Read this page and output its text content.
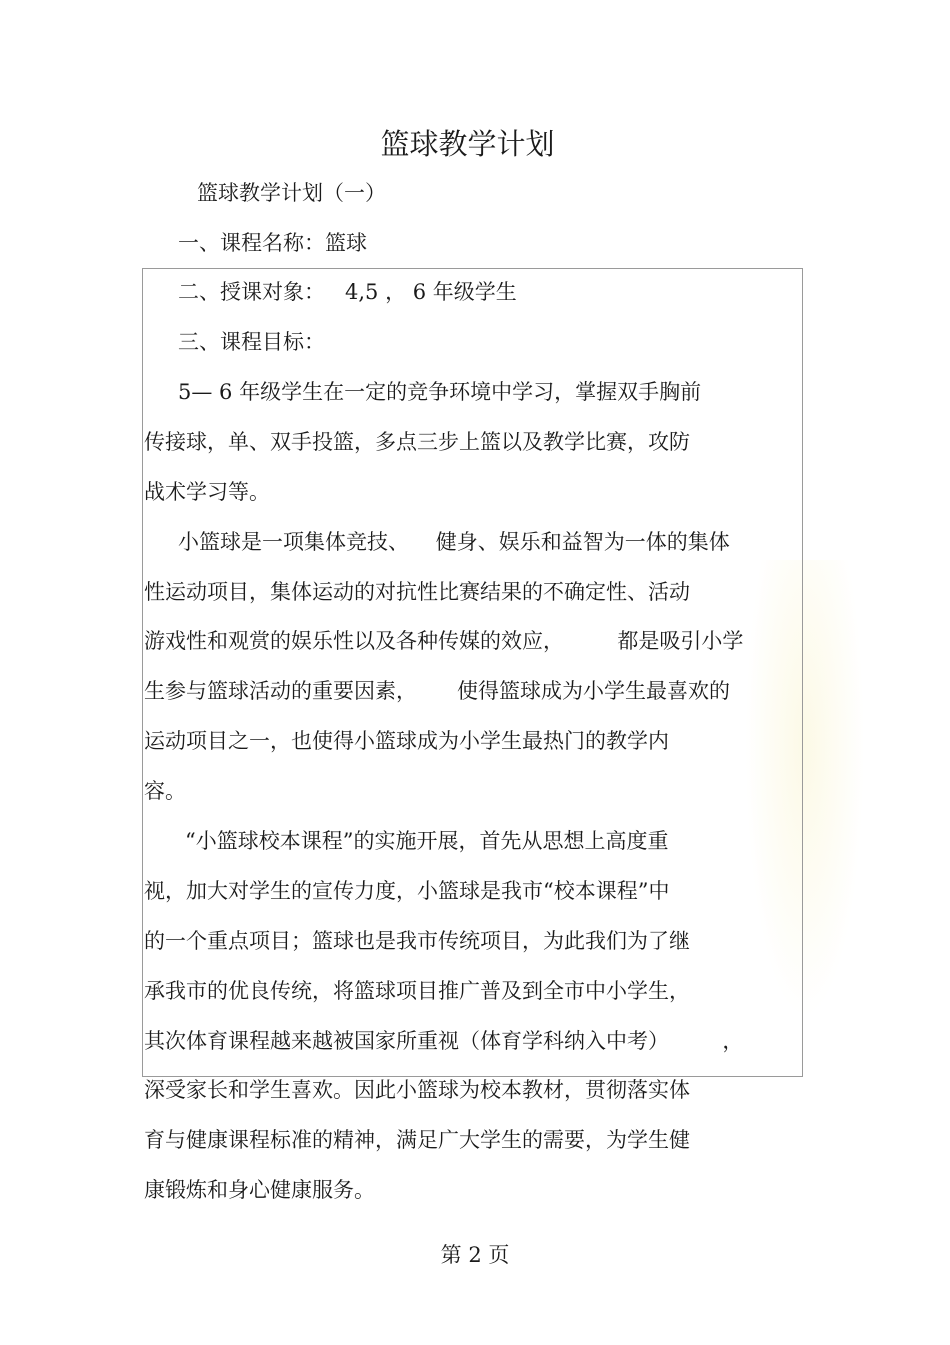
篮球教学计划
篮球教学计划（一）
一、课程名称：篮球
二、授课对象：   4,5 ， 6 年级学生
三、课程目标：
5— 6 年级学生在一定的竞争环境中学习，掌握双手胸前
传接球，单、双手投篮，多点三步上篮以及教学比赛，攻防
战术学习等。
小篮球是一项集体竞技、    健身、娱乐和益智为一体的集体
性运动项目，集体运动的对抗性比赛结果的不确定性、活动
游戏性和观赏的娱乐性以及各种传媒的效应，        都是吸引小学
生参与篮球活动的重要因素，      使得篮球成为小学生最喜欢的
运动项目之一，也使得小篮球成为小学生最热门的教学内
容。
“小篮球校本课程”的实施开展，首先从思想上高度重
视，加大对学生的宣传力度，小篮球是我市“校本课程”中
的一个重点项目；篮球也是我市传统项目，为此我们为了继
承我市的优良传统，将篮球项目推广普及到全市中小学生，
其次体育课程越来越被国家所重视（体育学科纳入中考）        ，
深受家长和学生喜欢。因此小篮球为校本教材，贯彻落实体
育与健康课程标准的精神，满足广大学生的需要，为学生健
康锻炼和身心健康服务。
第 2 页
